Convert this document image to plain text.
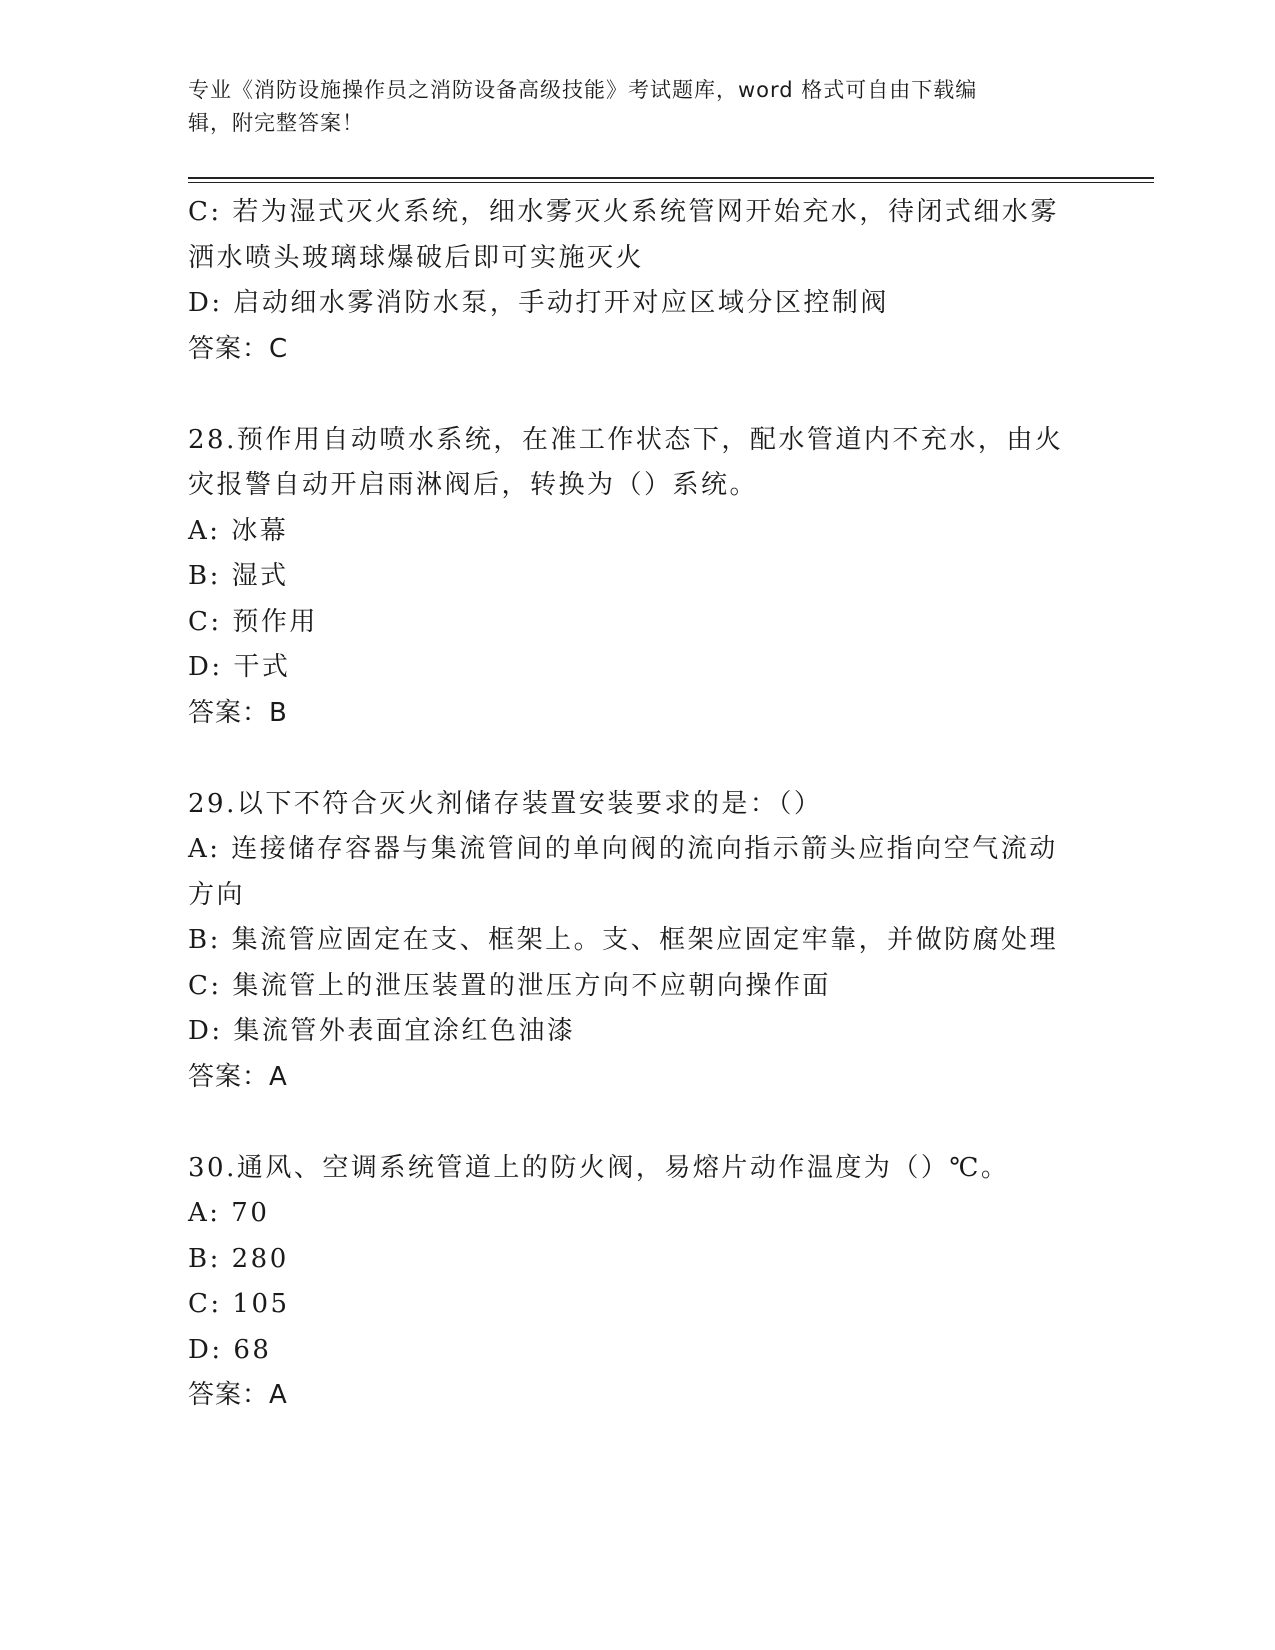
专业《消防设施操作员之消防设备高级技能》考试题库，word 格式可自由下载编
辑，附完整答案！
C: 若为湿式灭火系统，细水雾灭火系统管网开始充水，待闭式细水雾
洒水喷头玻璃球爆破后即可实施灭火
D: 启动细水雾消防水泵，手动打开对应区域分区控制阀
答案：C
28.预作用自动喷水系统，在准工作状态下，配水管道内不充水，由火
灾报警自动开启雨淋阀后，转换为（）系统。
A: 冰幕
B: 湿式
C: 预作用
D: 干式
答案：B
29.以下不符合灭火剂储存装置安装要求的是：（）
A: 连接储存容器与集流管间的单向阀的流向指示箭头应指向空气流动
方向
B: 集流管应固定在支、框架上。支、框架应固定牢靠，并做防腐处理
C: 集流管上的泄压装置的泄压方向不应朝向操作面
D: 集流管外表面宜涂红色油漆
答案：A
30.通风、空调系统管道上的防火阀，易熔片动作温度为（）℃。
A: 70
B: 280
C: 105
D: 68
答案：A
